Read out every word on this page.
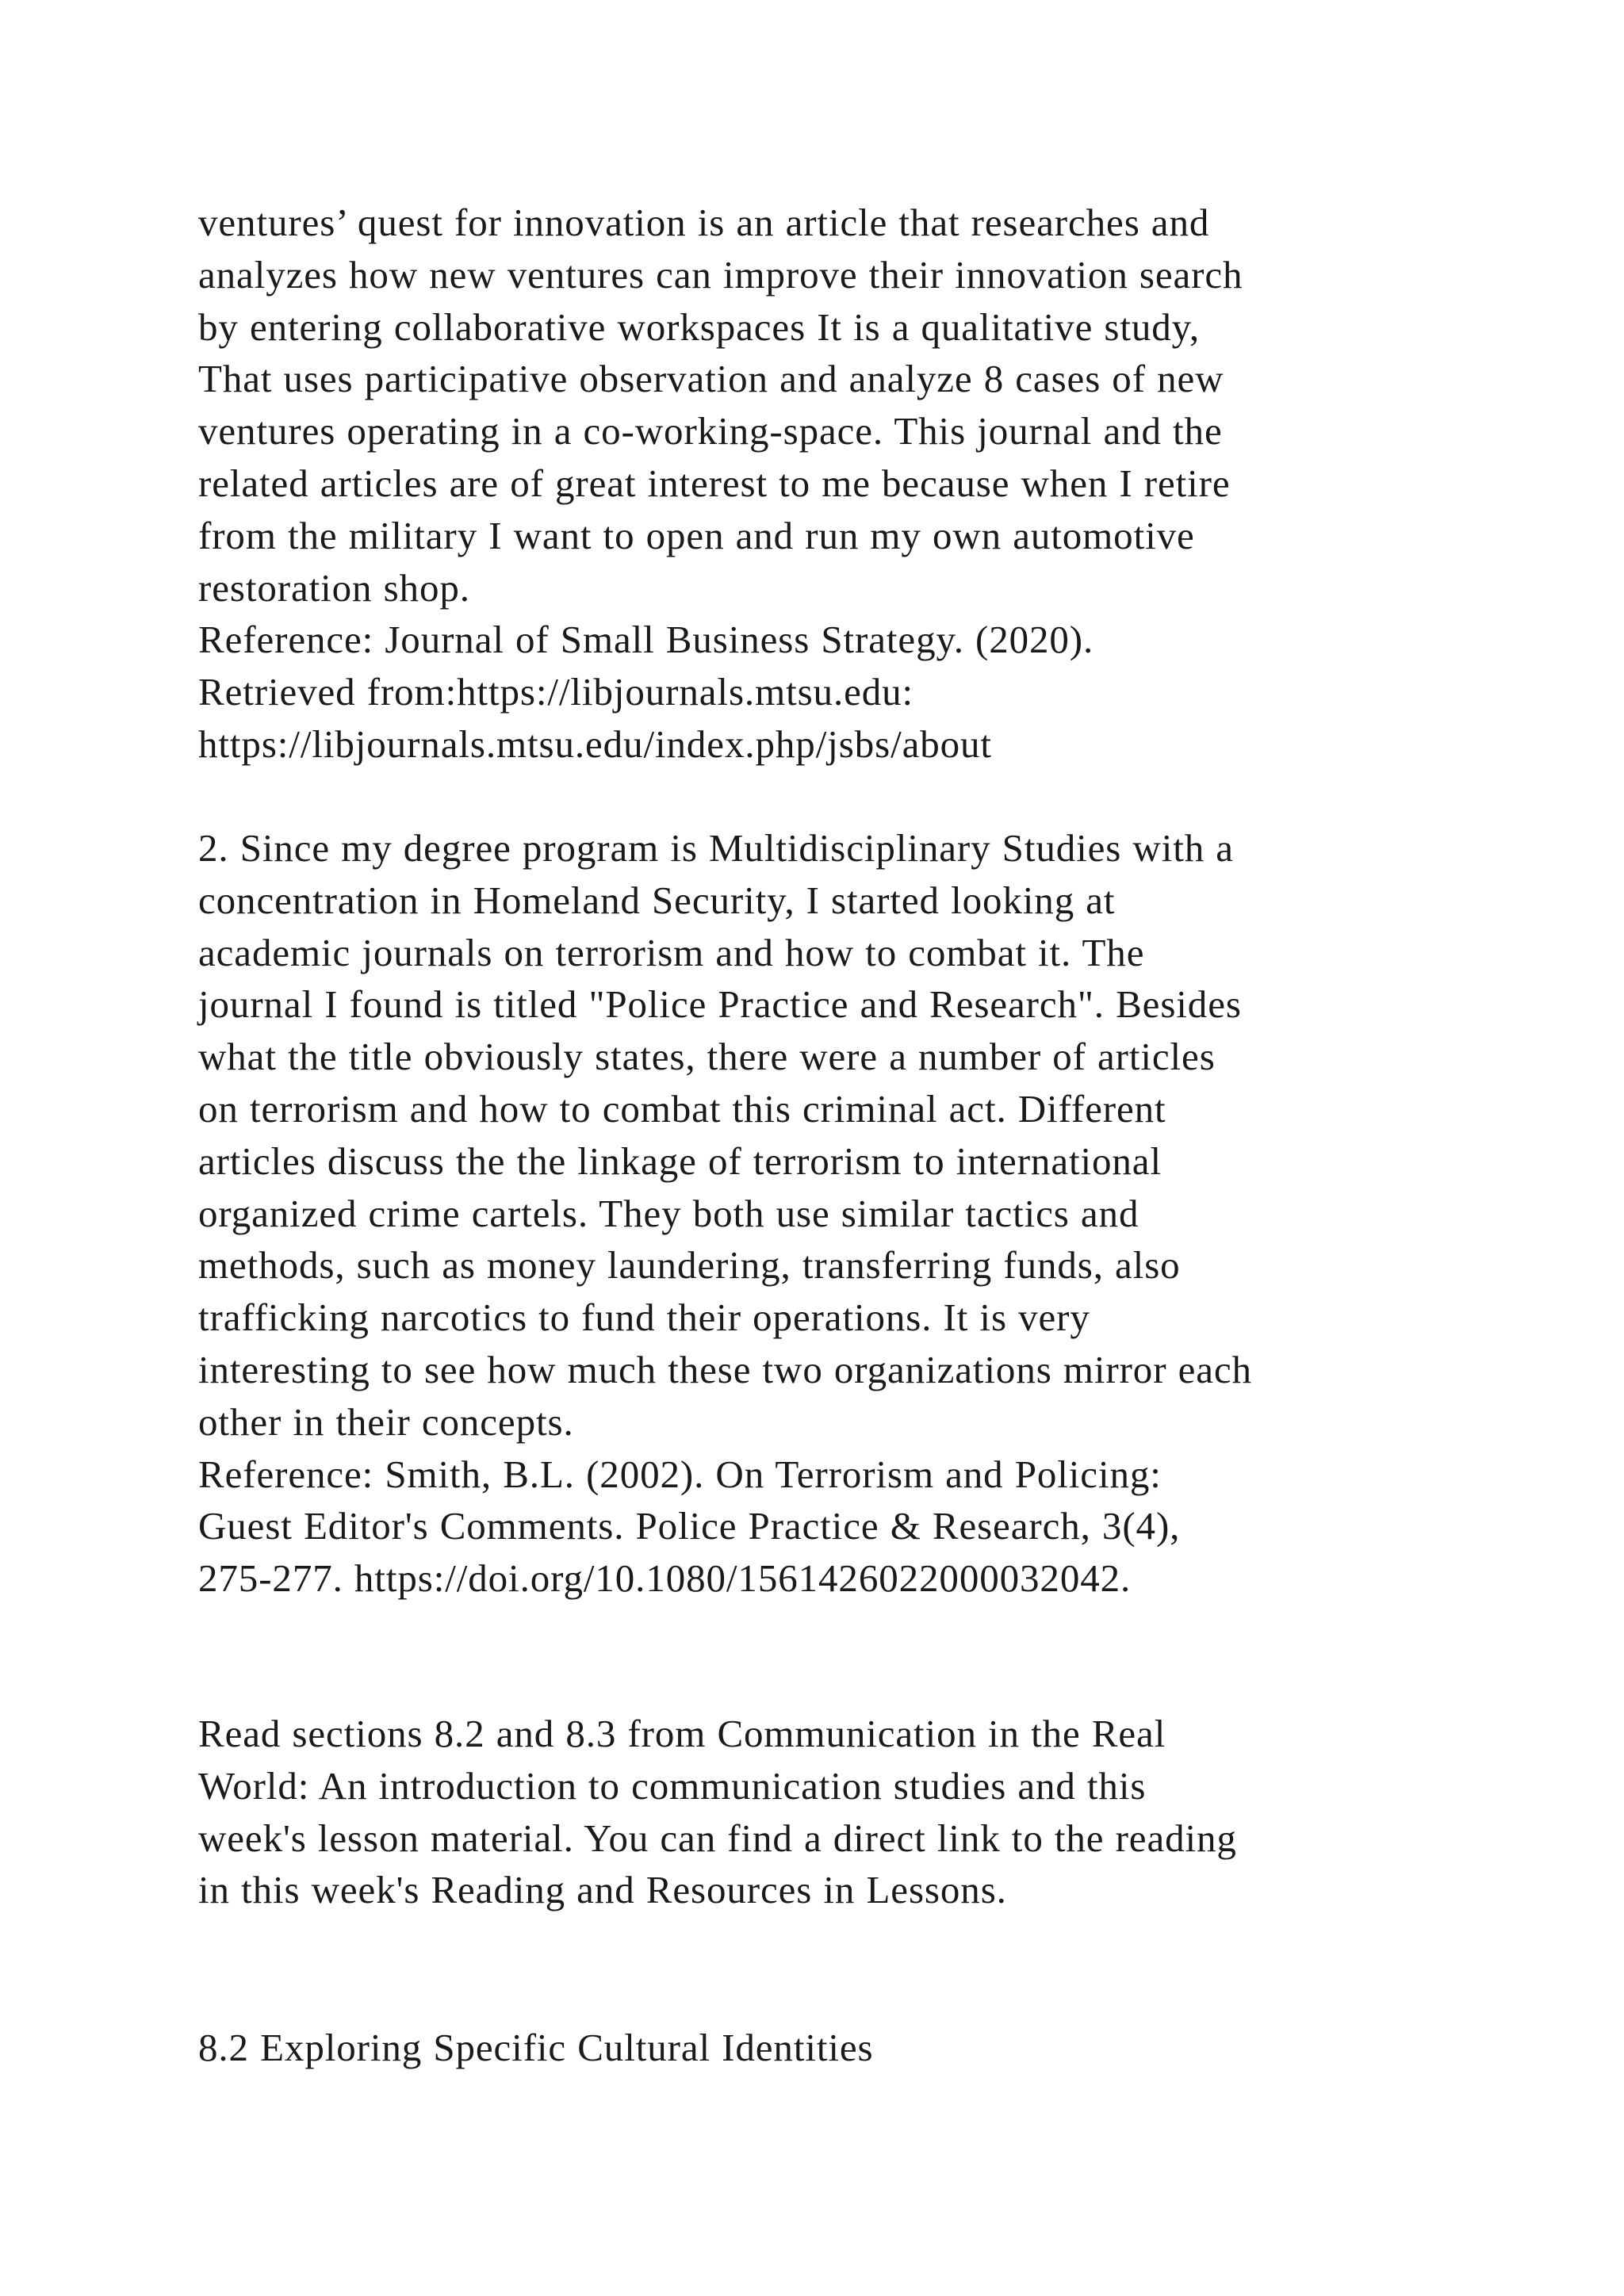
ventures’ quest for innovation is an article that researches and
analyzes how new ventures can improve their innovation search
by entering collaborative workspaces It is a qualitative study,
That uses participative observation and analyze 8 cases of new
ventures operating in a co-working-space. This journal and the
related articles are of great interest to me because when I retire
from the military I want to open and run my own automotive
restoration shop.
Reference: Journal of Small Business Strategy. (2020).
Retrieved from:https://libjournals.mtsu.edu:
https://libjournals.mtsu.edu/index.php/jsbs/about
2. Since my degree program is Multidisciplinary Studies with a
concentration in Homeland Security, I started looking at
academic journals on terrorism and how to combat it. The
journal I found is titled "Police Practice and Research". Besides
what the title obviously states, there were a number of articles
on terrorism and how to combat this criminal act. Different
articles discuss the the linkage of terrorism to international
organized crime cartels. They both use similar tactics and
methods, such as money laundering, transferring funds, also
trafficking narcotics to fund their operations. It is very
interesting to see how much these two organizations mirror each
other in their concepts.
Reference: Smith, B.L. (2002). On Terrorism and Policing:
Guest Editor's Comments. Police Practice & Research, 3(4),
275-277. https://doi.org/10.1080/1561426022000032042.
Read sections 8.2 and 8.3 from Communication in the Real
World: An introduction to communication studies and this
week's lesson material. You can find a direct link to the reading
in this week's Reading and Resources in Lessons.
8.2 Exploring Specific Cultural Identities
